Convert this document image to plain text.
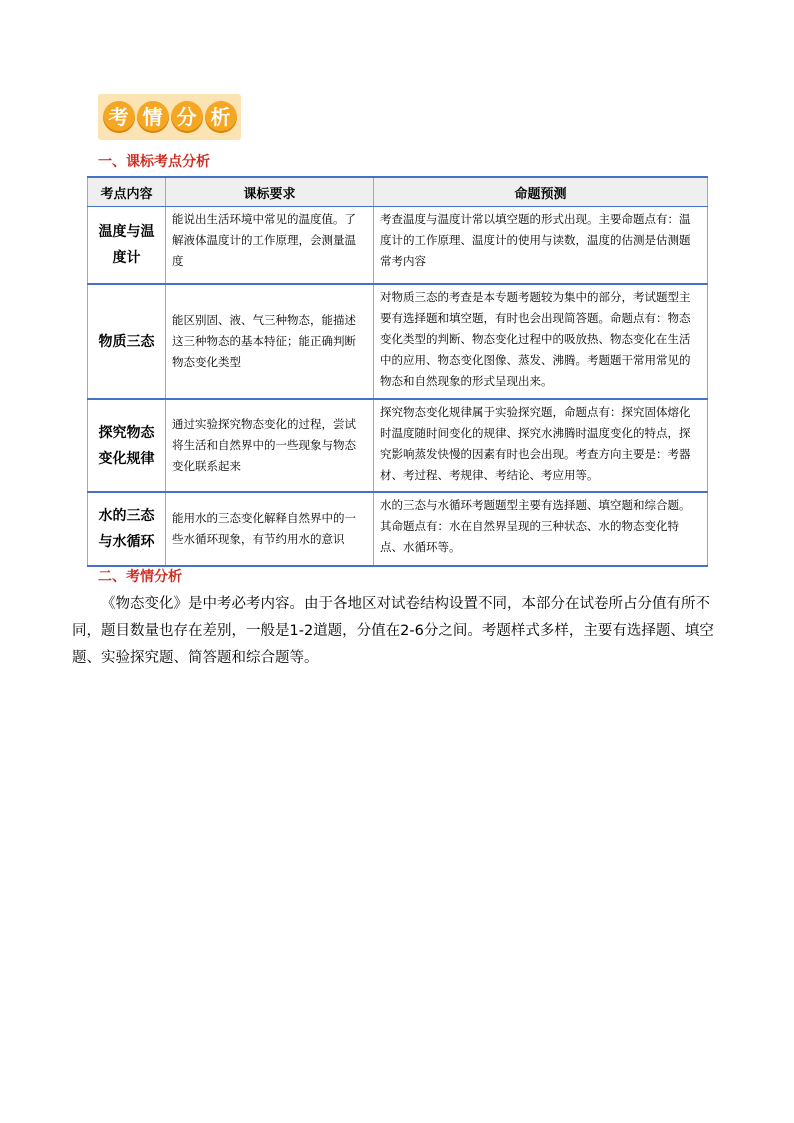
考 情 分 析
一、课标考点分析
考点内容	课标要求	命题预测
温度与温度计	能说出生活环境中常见的温度值。了解液体温度计的工作原理，会测量温度	考查温度与温度计常以填空题的形式出现。主要命题点有：温度计的工作原理、温度计的使用与读数，温度的估测是估测题常考内容
物质三态	能区别固、液、气三种物态，能描述这三种物态的基本特征；能正确判断物态变化类型	对物质三态的考查是本专题考题较为集中的部分，考试题型主要有选择题和填空题，有时也会出现简答题。命题点有：物态变化类型的判断、物态变化过程中的吸放热、物态变化在生活中的应用、物态变化图像、蒸发、沸腾。考题题干常用常见的物态和自然现象的形式呈现出来。
探究物态变化规律	通过实验探究物态变化的过程，尝试将生活和自然界中的一些现象与物态变化联系起来	探究物态变化规律属于实验探究题，命题点有：探究固体熔化时温度随时间变化的规律、探究水沸腾时温度变化的特点，探究影响蒸发快慢的因素有时也会出现。考查方向主要是：考器材、考过程、考规律、考结论、考应用等。
水的三态与水循环	能用水的三态变化解释自然界中的一些水循环现象，有节约用水的意识	水的三态与水循环考题题型主要有选择题、填空题和综合题。其命题点有：水在自然界呈现的三种状态、水的物态变化特点、水循环等。
二、考情分析
《物态变化》是中考必考内容。由于各地区对试卷结构设置不同，本部分在试卷所占分值有所不同，题目数量也存在差别，一般是1-2道题，分值在2-6分之间。考题样式多样，主要有选择题、填空题、实验探究题、简答题和综合题等。
